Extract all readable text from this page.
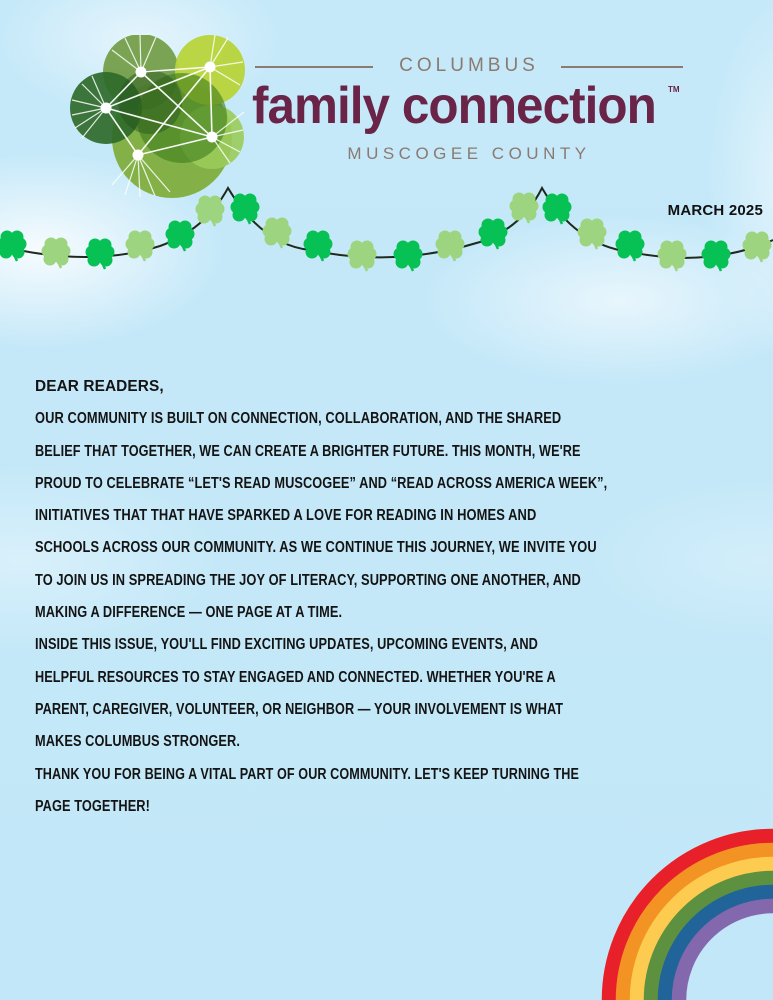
COLUMBUS
family connection TM
MUSCOGEE COUNTY
MARCH 2025
DEAR READERS,
OUR COMMUNITY IS BUILT ON CONNECTION, COLLABORATION, AND THE SHARED
BELIEF THAT TOGETHER, WE CAN CREATE A BRIGHTER FUTURE. THIS MONTH, WE'RE
PROUD TO CELEBRATE “LET'S READ MUSCOGEE” AND “READ ACROSS AMERICA WEEK”,
INITIATIVES THAT THAT HAVE SPARKED A LOVE FOR READING IN HOMES AND
SCHOOLS ACROSS OUR COMMUNITY. AS WE CONTINUE THIS JOURNEY, WE INVITE YOU
TO JOIN US IN SPREADING THE JOY OF LITERACY, SUPPORTING ONE ANOTHER, AND
MAKING A DIFFERENCE — ONE PAGE AT A TIME.
INSIDE THIS ISSUE, YOU'LL FIND EXCITING UPDATES, UPCOMING EVENTS, AND
HELPFUL RESOURCES TO STAY ENGAGED AND CONNECTED. WHETHER YOU'RE A
PARENT, CAREGIVER, VOLUNTEER, OR NEIGHBOR — YOUR INVOLVEMENT IS WHAT
MAKES COLUMBUS STRONGER.
THANK YOU FOR BEING A VITAL PART OF OUR COMMUNITY. LET'S KEEP TURNING THE
PAGE TOGETHER!
